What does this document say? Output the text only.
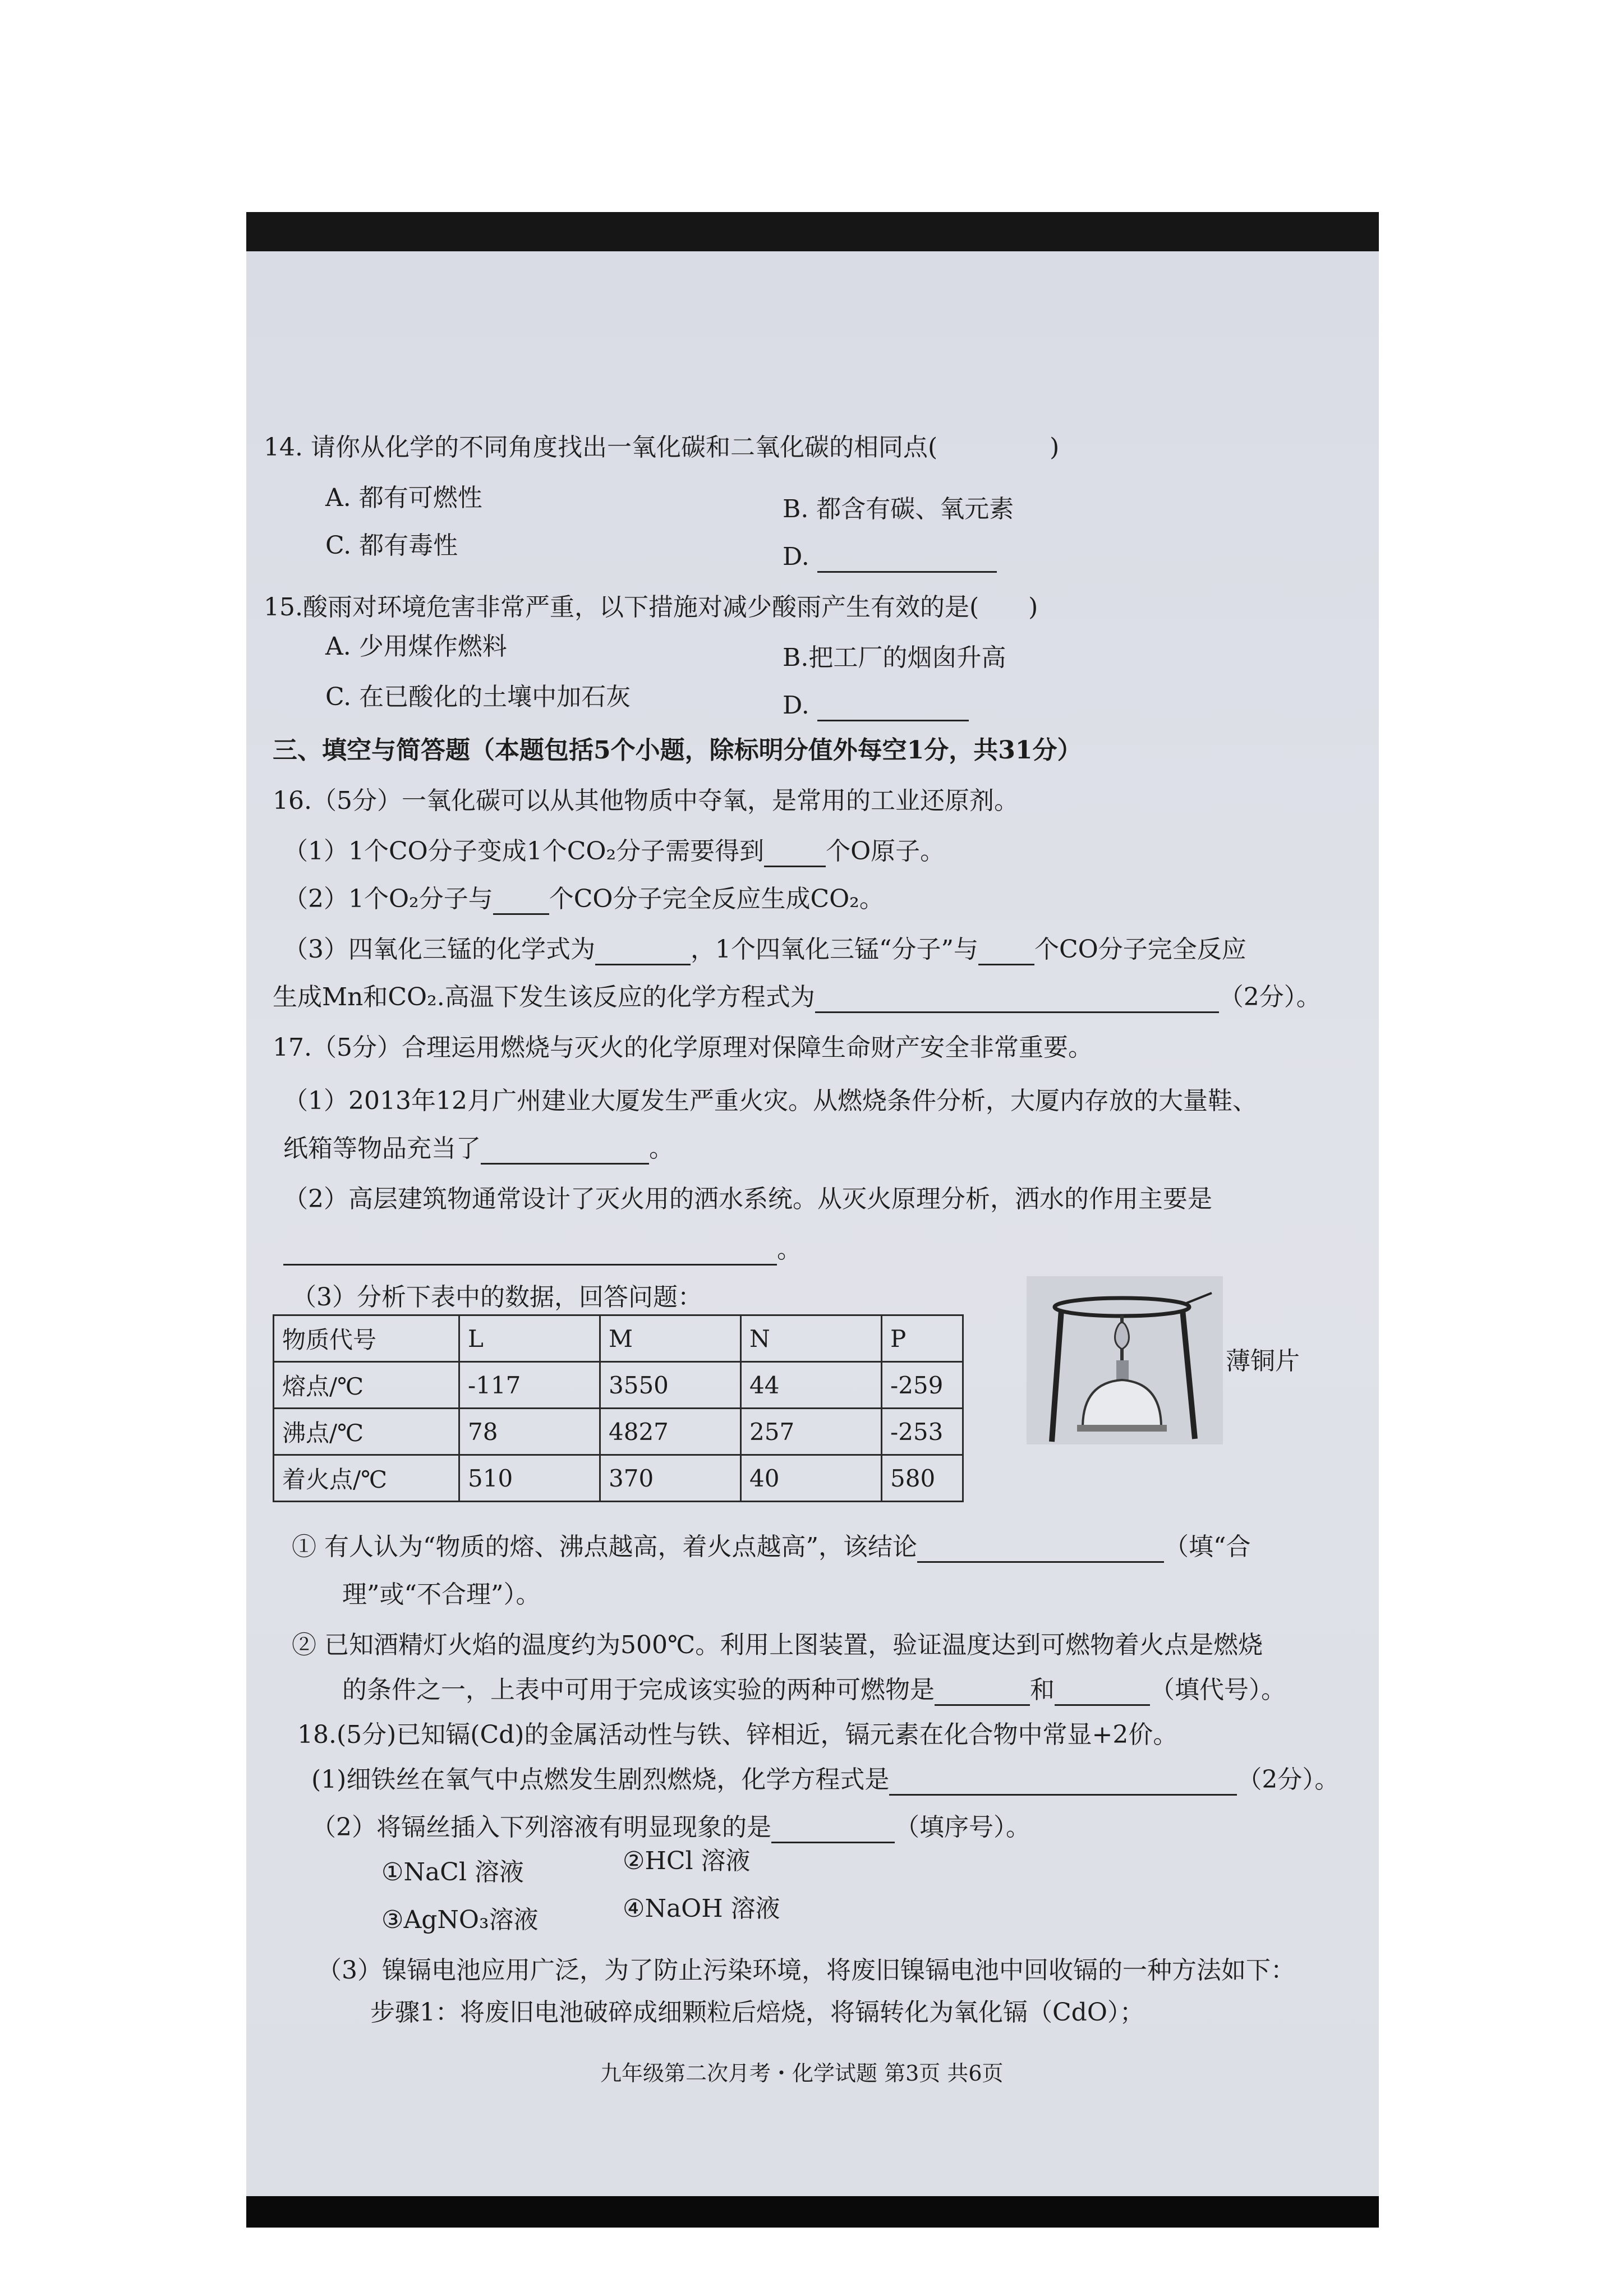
14. 请你从化学的不同角度找出一氧化碳和二氧化碳的相同点(	)
A. 都有可燃性	B. 都含有碳、氧元素
C. 都有毒性	D.
15.酸雨对环境危害非常严重，以下措施对减少酸雨产生有效的是(　　)
A. 少用煤作燃料	B.把工厂的烟囱升高
C. 在已酸化的土壤中加石灰	D.
三、填空与简答题（本题包括5个小题，除标明分值外每空1分，共31分）
16.（5分）一氧化碳可以从其他物质中夺氧，是常用的工业还原剂。
（1）1个CO分子变成1个CO₂分子需要得到	个O原子。
（2）1个O₂分子与 个CO分子完全反应生成CO₂。
（3）四氧化三锰的化学式为	，1个四氧化三锰“分子”与 个CO分子完全反应
生成Mn和CO₂.高温下发生该反应的化学方程式为	（2分）。
17.（5分）合理运用燃烧与灭火的化学原理对保障生命财产安全非常重要。
（1）2013年12月广州建业大厦发生严重火灾。从燃烧条件分析，大厦内存放的大量鞋、
纸箱等物品充当了	。
（2）高层建筑物通常设计了灭火用的洒水系统。从灭火原理分析，洒水的作用主要是
。
（3）分析下表中的数据，回答问题：
物质代号	L	M	N	P
熔点/℃	-117	3550	44	-259
沸点/℃	78	4827	257	-253
着火点/℃	510	370	40	580
薄铜片
① 有人认为“物质的熔、沸点越高，着火点越高”，该结论	（填“合
理”或“不合理”）。
② 已知酒精灯火焰的温度约为500℃。利用上图装置，验证温度达到可燃物着火点是燃烧
的条件之一，上表中可用于完成该实验的两种可燃物是	和	（填代号）。
18.(5分)已知镉(Cd)的金属活动性与铁、锌相近，镉元素在化合物中常显+2价。
(1)细铁丝在氧气中点燃发生剧烈燃烧，化学方程式是	（2分）。
（2）将镉丝插入下列溶液有明显现象的是	（填序号）。
①NaCl 溶液	②HCl 溶液
③AgNO₃溶液	④NaOH 溶液
（3）镍镉电池应用广泛，为了防止污染环境，将废旧镍镉电池中回收镉的一种方法如下：
步骤1：将废旧电池破碎成细颗粒后焙烧，将镉转化为氧化镉（CdO）；
九年级第二次月考・化学试题 第3页 共6页
